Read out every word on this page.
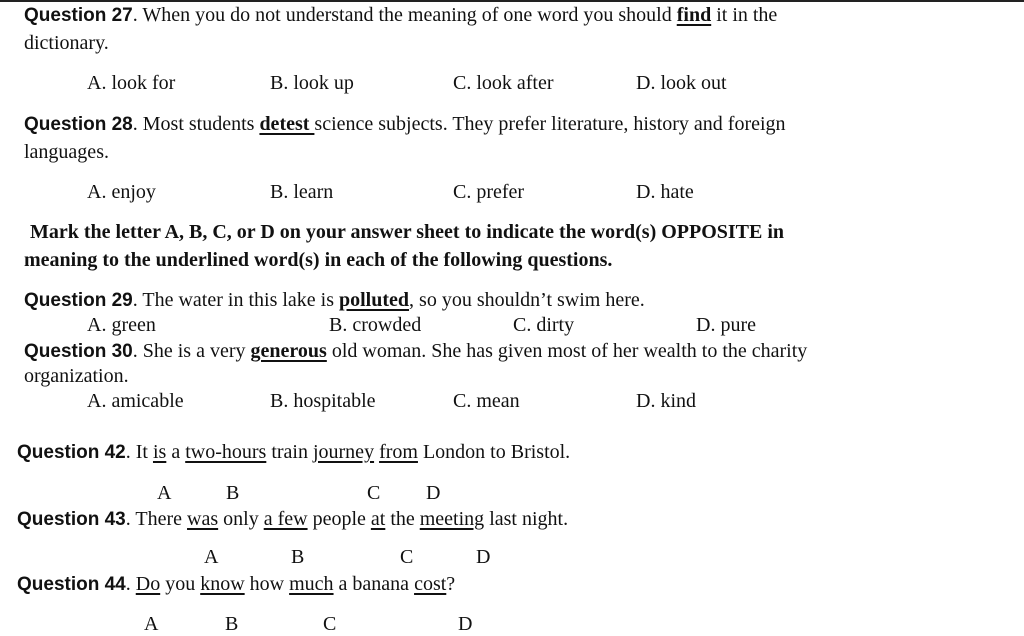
Question 27. When you do not understand the meaning of one word you should find it in the
dictionary.
A. look for	B. look up	C. look after	D. look out
Question 28. Most students detest science subjects. They prefer literature, history and foreign
languages.
A. enjoy	B. learn	C. prefer	D. hate
Mark the letter A, B, C, or D on your answer sheet to indicate the word(s) OPPOSITE in
meaning to the underlined word(s) in each of the following questions.
Question 29. The water in this lake is polluted, so you shouldn’t swim here.
A. green	B. crowded	C. dirty	D. pure
Question 30. She is a very generous old woman. She has given most of her wealth to the charity
organization.
A. amicable	B. hospitable	C. mean	D. kind
Question 42. It is a two-hours train journey from London to Bristol.
A	B	C D
Question 43. There was only a few people at the meeting last night.
A	B	C	D
Question 44. Do you know how much a banana cost?
A	B	C	D
